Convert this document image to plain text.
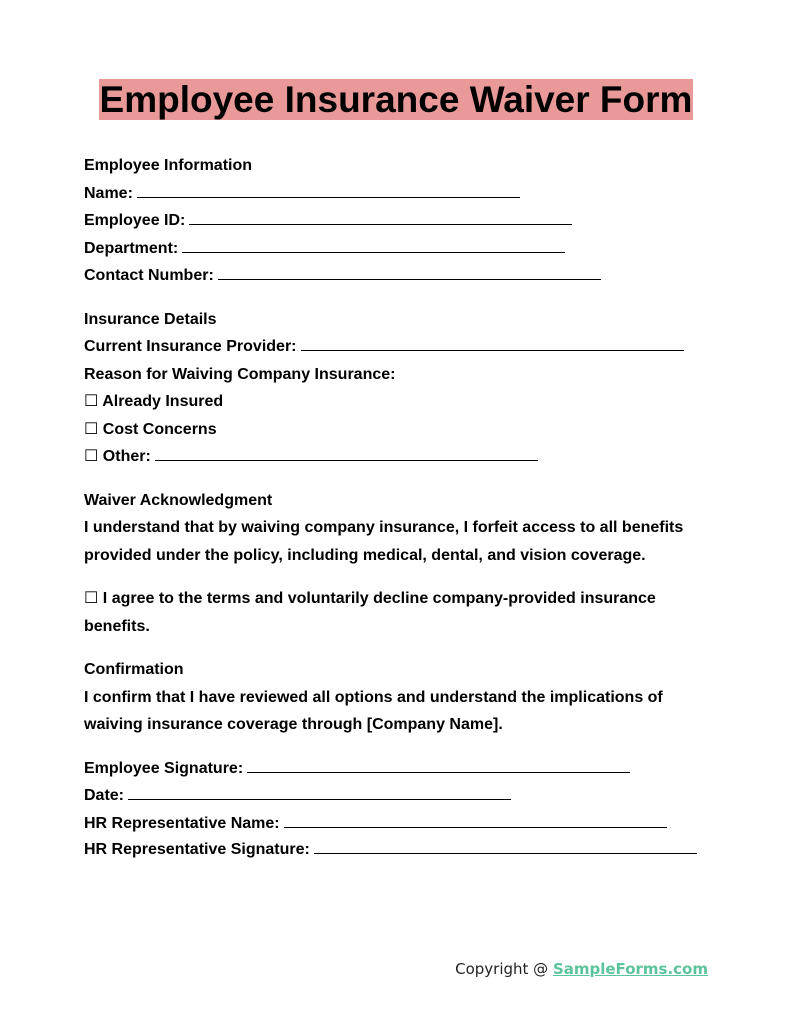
Employee Insurance Waiver Form
Employee Information
Name:
Employee ID:
Department:
Contact Number:
Insurance Details
Current Insurance Provider:
Reason for Waiving Company Insurance:
☐ Already Insured
☐ Cost Concerns
☐ Other:
Waiver Acknowledgment
I understand that by waiving company insurance, I forfeit access to all benefits provided under the policy, including medical, dental, and vision coverage.
☐ I agree to the terms and voluntarily decline company-provided insurance benefits.
Confirmation
I confirm that I have reviewed all options and understand the implications of waiving insurance coverage through [Company Name].
Employee Signature:
Date:
HR Representative Name:
HR Representative Signature:
Copyright @ SampleForms.com
